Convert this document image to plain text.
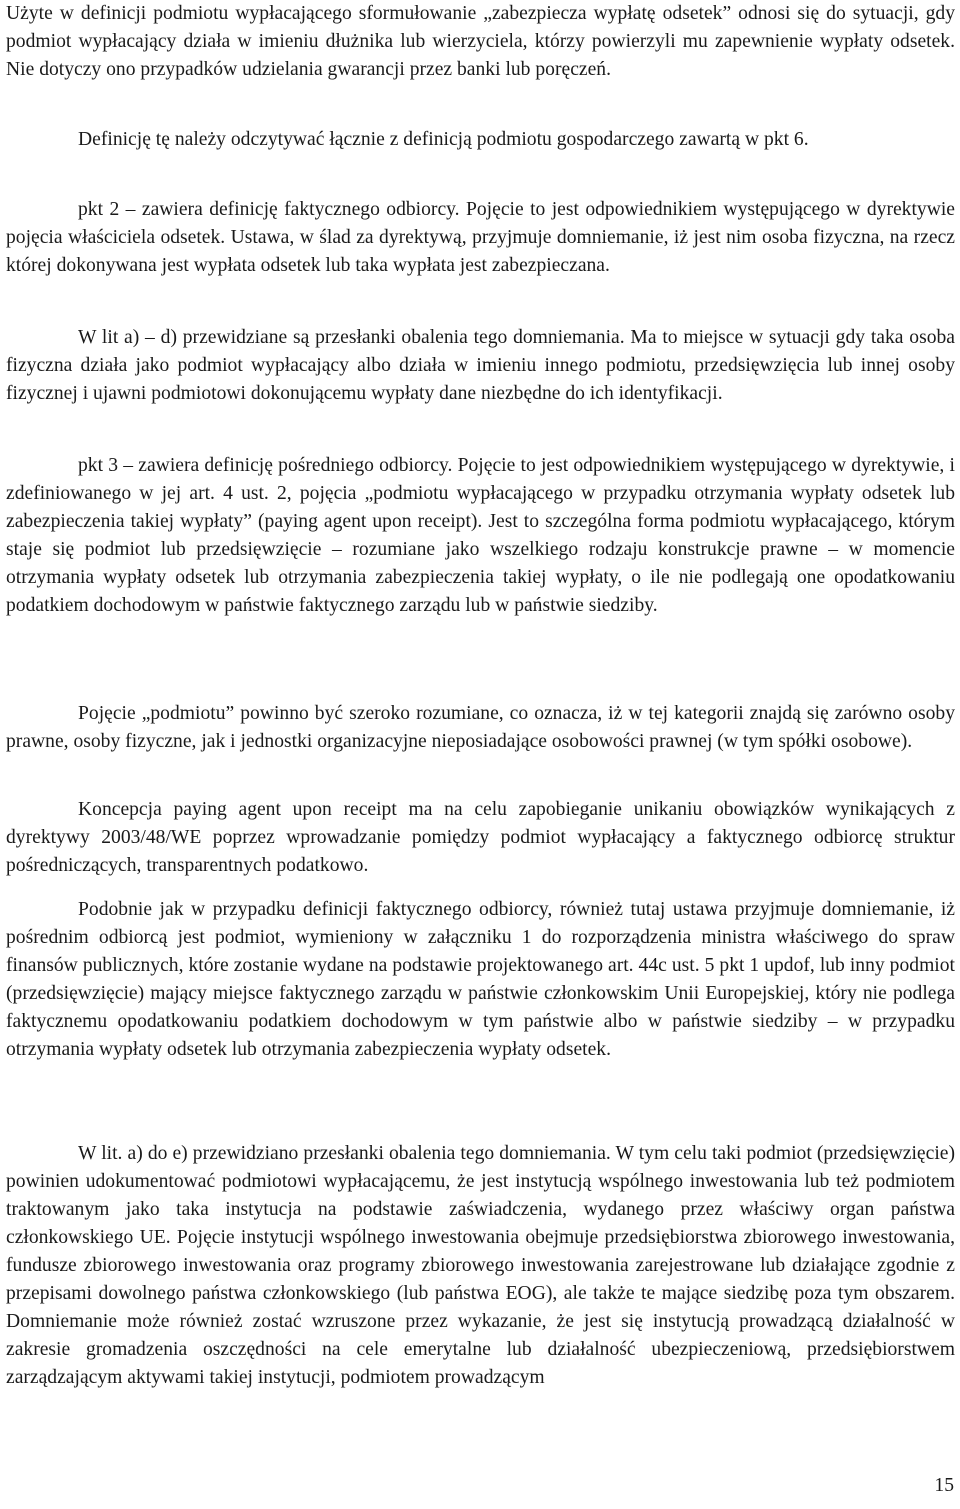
Użyte w definicji podmiotu wypłacającego sformułowanie „zabezpiecza wypłatę odsetek” odnosi się do sytuacji, gdy podmiot wypłacający działa w imieniu dłużnika lub wierzyciela, którzy powierzyli mu zapewnienie wypłaty odsetek. Nie dotyczy ono przypadków udzielania gwarancji przez banki lub poręczeń.

Definicję tę należy odczytywać łącznie z definicją podmiotu gospodarczego zawartą w pkt 6.

pkt 2 – zawiera definicję faktycznego odbiorcy. Pojęcie to jest odpowiednikiem występującego w dyrektywie pojęcia właściciela odsetek. Ustawa, w ślad za dyrektywą, przyjmuje domniemanie, iż jest nim osoba fizyczna, na rzecz której dokonywana jest wypłata odsetek lub taka wypłata jest zabezpieczana.

W lit a) – d) przewidziane są przesłanki obalenia tego domniemania. Ma to miejsce w sytuacji gdy taka osoba fizyczna działa jako podmiot wypłacający albo działa w imieniu innego podmiotu, przedsięwzięcia lub innej osoby fizycznej i ujawni podmiotowi dokonującemu wypłaty dane niezbędne do ich identyfikacji.

pkt 3 – zawiera definicję pośredniego odbiorcy. Pojęcie to jest odpowiednikiem występującego w dyrektywie, i zdefiniowanego w jej art. 4 ust. 2, pojęcia „podmiotu wypłacającego w przypadku otrzymania wypłaty odsetek lub zabezpieczenia takiej wypłaty” (paying agent upon receipt). Jest to szczególna forma podmiotu wypłacającego, którym staje się podmiot lub przedsięwzięcie – rozumiane jako wszelkiego rodzaju konstrukcje prawne – w momencie otrzymania wypłaty odsetek lub otrzymania zabezpieczenia takiej wypłaty, o ile nie podlegają one opodatkowaniu podatkiem dochodowym w państwie faktycznego zarządu lub w państwie siedziby.

Pojęcie „podmiotu” powinno być szeroko rozumiane, co oznacza, iż w tej kategorii znajdą się zarówno osoby prawne, osoby fizyczne, jak i jednostki organizacyjne nieposiadające osobowości prawnej (w tym spółki osobowe).

Koncepcja paying agent upon receipt ma na celu zapobieganie unikaniu obowiązków wynikających z dyrektywy 2003/48/WE poprzez wprowadzanie pomiędzy podmiot wypłacający a faktycznego odbiorcę struktur pośredniczących, transparentnych podatkowo.

Podobnie jak w przypadku definicji faktycznego odbiorcy, również tutaj ustawa przyjmuje domniemanie, iż pośrednim odbiorcą jest podmiot, wymieniony w załączniku 1 do rozporządzenia ministra właściwego do spraw finansów publicznych, które zostanie wydane na podstawie projektowanego art. 44c ust. 5 pkt 1 updof, lub inny podmiot (przedsięwzięcie) mający miejsce faktycznego zarządu w państwie członkowskim Unii Europejskiej, który nie podlega faktycznemu opodatkowaniu podatkiem dochodowym w tym państwie albo w państwie siedziby – w przypadku otrzymania wypłaty odsetek lub otrzymania zabezpieczenia wypłaty odsetek.

W lit. a) do e) przewidziano przesłanki obalenia tego domniemania. W tym celu taki podmiot (przedsięwzięcie) powinien udokumentować podmiotowi wypłacającemu, że jest instytucją wspólnego inwestowania lub też podmiotem traktowanym jako taka instytucja na podstawie zaświadczenia, wydanego przez właściwy organ państwa członkowskiego UE. Pojęcie instytucji wspólnego inwestowania obejmuje przedsiębiorstwa zbiorowego inwestowania, fundusze zbiorowego inwestowania oraz programy zbiorowego inwestowania zarejestrowane lub działające zgodnie z przepisami dowolnego państwa członkowskiego (lub państwa EOG), ale także te mające siedzibę poza tym obszarem. Domniemanie może również zostać wzruszone przez wykazanie, że jest się instytucją prowadzącą działalność w zakresie gromadzenia oszczędności na cele emerytalne lub działalność ubezpieczeniową, przedsiębiorstwem zarządzającym aktywami takiej instytucji, podmiotem prowadzącym

15
